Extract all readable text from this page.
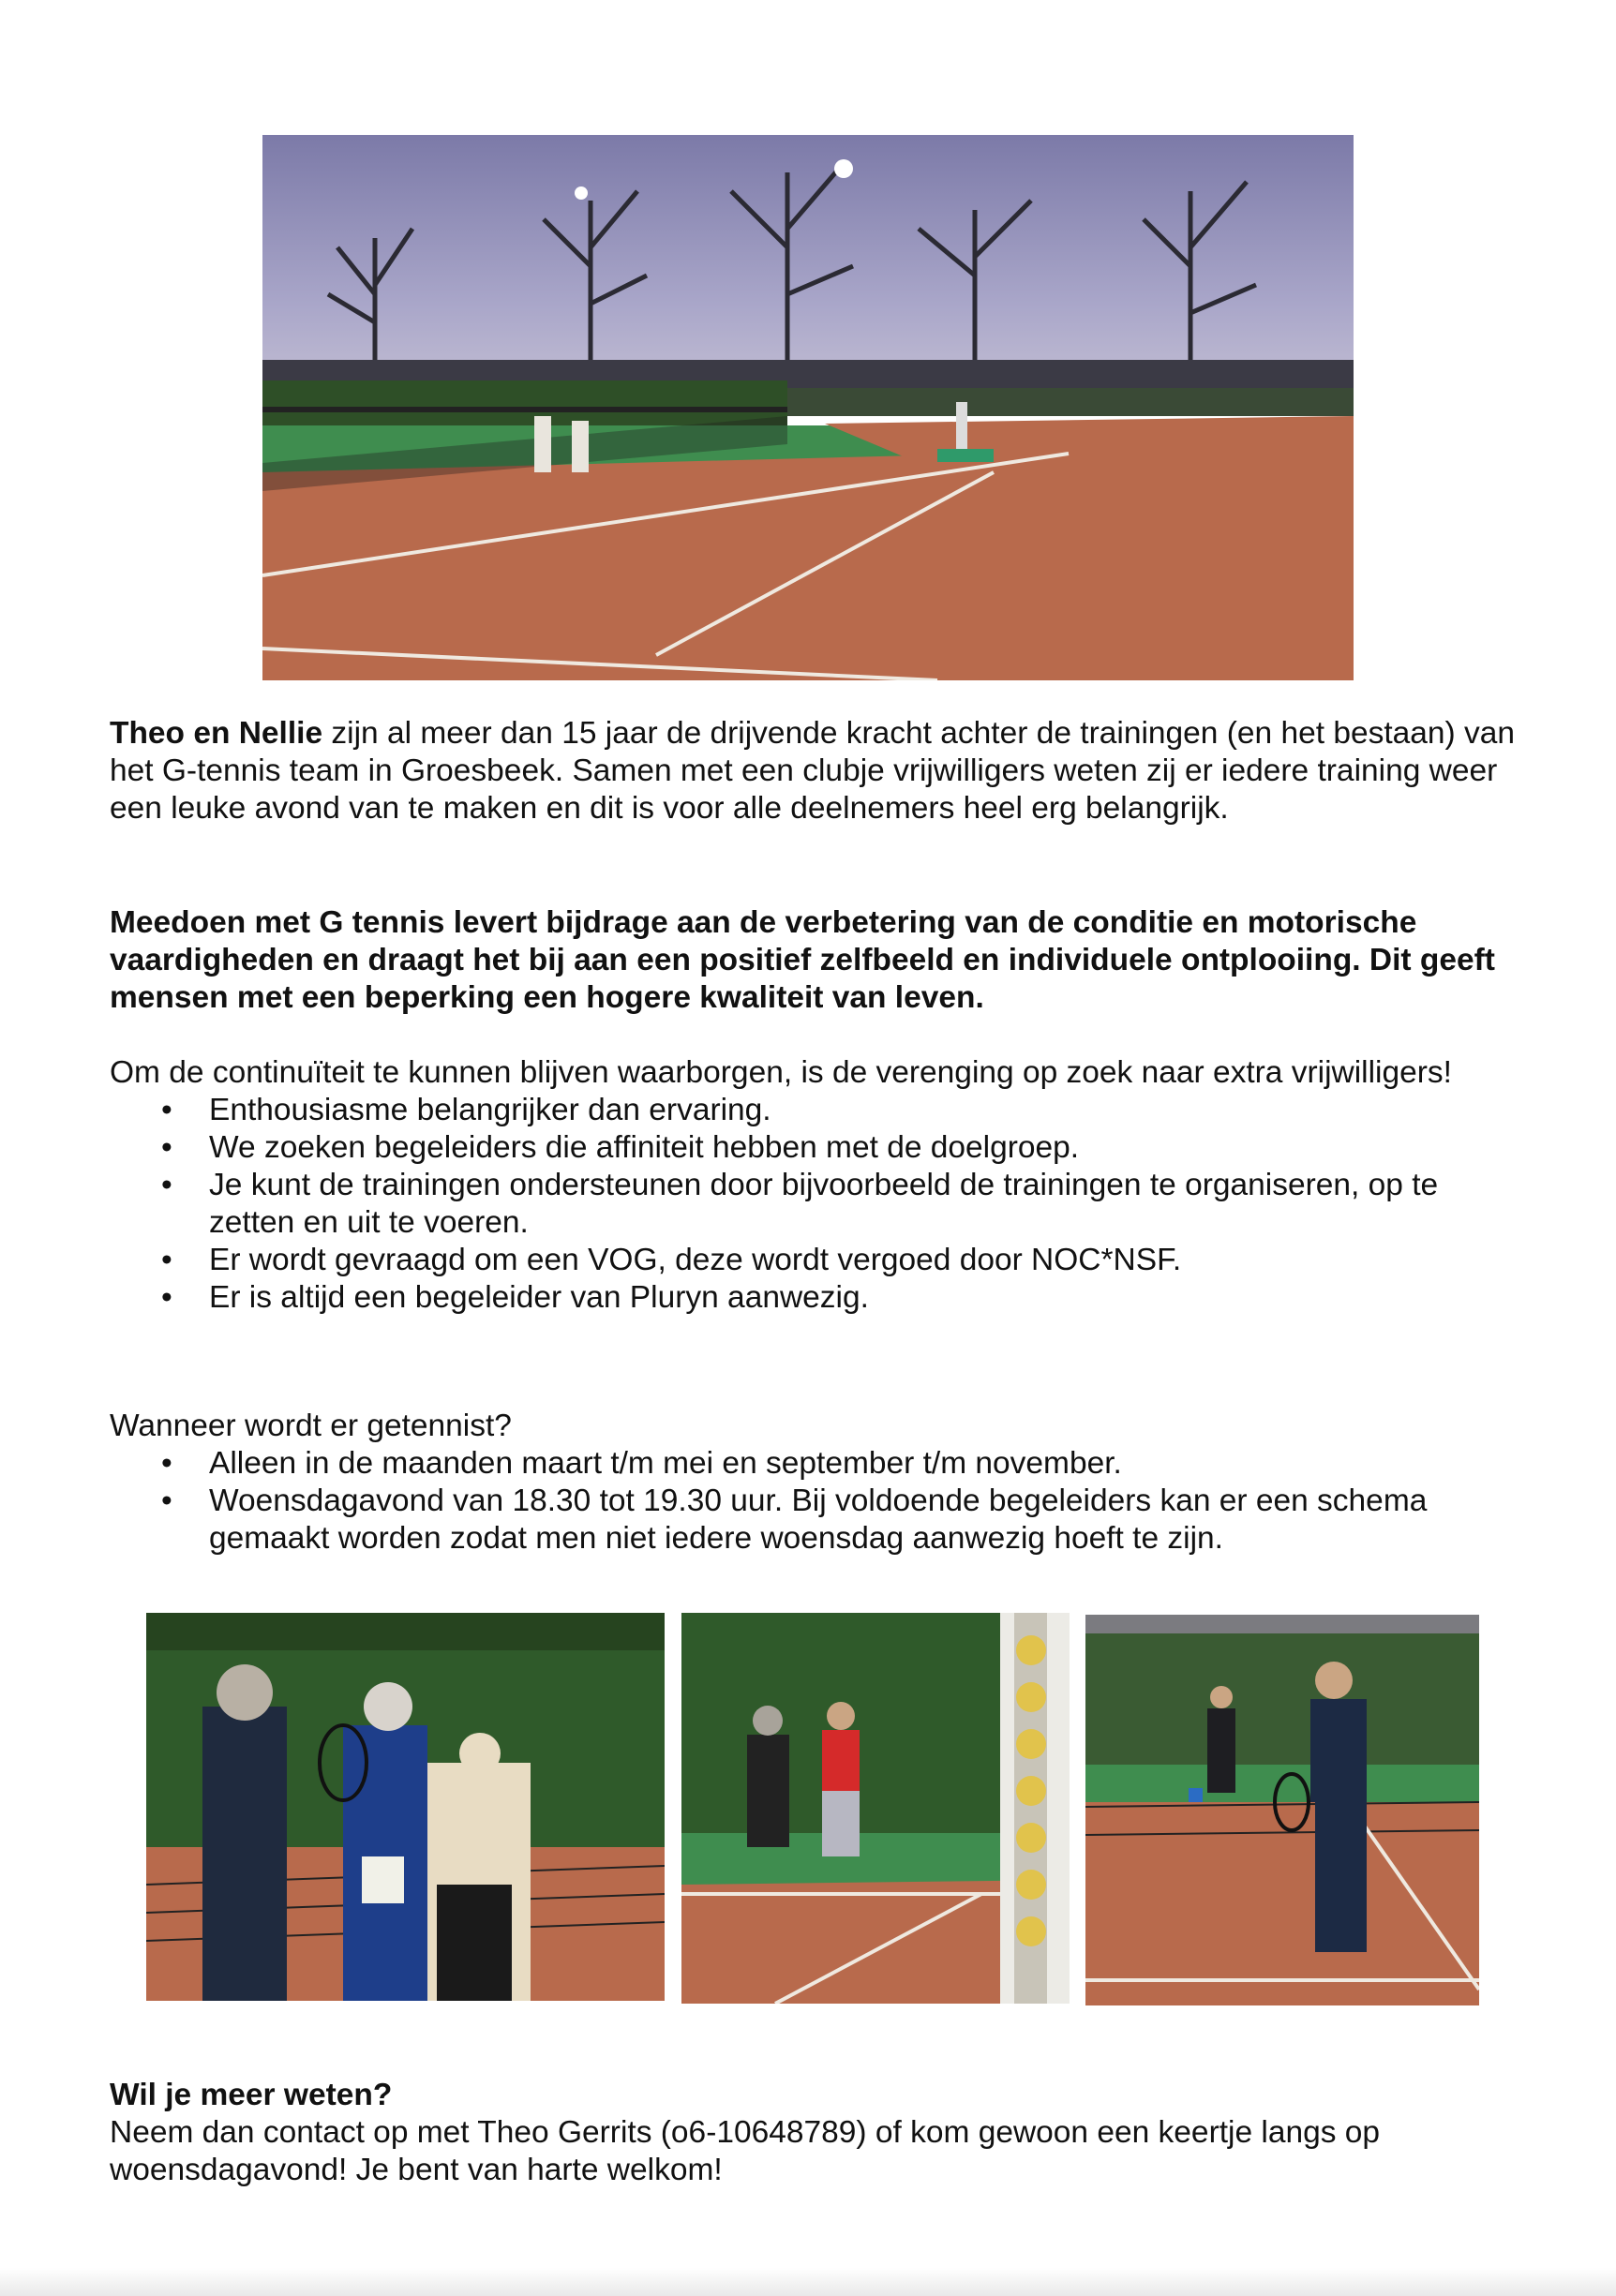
Theo en Nellie zijn al meer dan 15 jaar de drijvende kracht achter de trainingen (en het bestaan) van het G-tennis team in Groesbeek. Samen met een clubje vrijwilligers weten zij er iedere training weer een leuke avond van te maken en dit is voor alle deelnemers heel erg belangrijk.
Meedoen met G tennis levert bijdrage aan de verbetering van de conditie en motorische vaardigheden en draagt het bij aan een positief zelfbeeld en individuele ontplooiing. Dit geeft mensen met een beperking een hogere kwaliteit van leven.
Om de continuïteit te kunnen blijven waarborgen, is de verenging op zoek naar extra vrijwilligers!
• Enthousiasme belangrijker dan ervaring.
• We zoeken begeleiders die affiniteit hebben met de doelgroep.
• Je kunt de trainingen ondersteunen door bijvoorbeeld de trainingen te organiseren, op te zetten en uit te voeren.
• Er wordt gevraagd om een VOG, deze wordt vergoed door NOC*NSF.
• Er is altijd een begeleider van Pluryn aanwezig.
Wanneer wordt er getennist?
• Alleen in de maanden maart t/m mei en september t/m november.
• Woensdagavond van 18.30 tot 19.30 uur. Bij voldoende begeleiders kan er een schema gemaakt worden zodat men niet iedere woensdag aanwezig hoeft te zijn.
Wil je meer weten?
Neem dan contact op met Theo Gerrits (o6-10648789) of kom gewoon een keertje langs op woensdagavond! Je bent van harte welkom!
